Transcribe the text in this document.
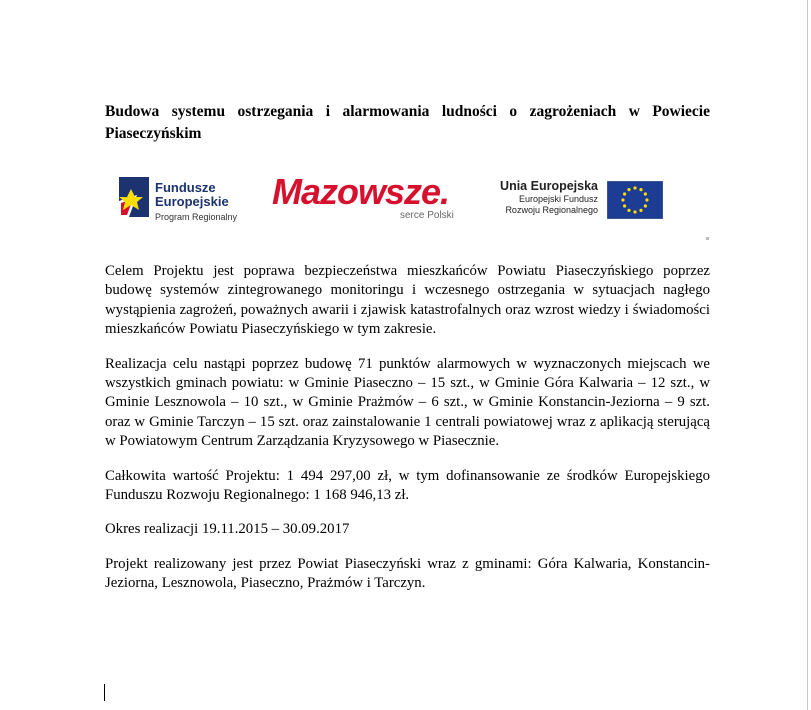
Budowa systemu ostrzegania i alarmowania ludności o zagrożeniach w Powiecie Piaseczyńskim
Fundusze
Europejskie
Program Regionalny
Mazowsze.
serce Polski
Unia Europejska
Europejski Fundusz
Rozwoju Regionalnego

Celem Projektu jest poprawa bezpieczeństwa mieszkańców Powiatu Piaseczyńskiego poprzez budowę systemów zintegrowanego monitoringu i wczesnego ostrzegania w sytuacjach nagłego wystąpienia zagrożeń, poważnych awarii i zjawisk katastrofalnych oraz wzrost wiedzy i świadomości mieszkańców Powiatu Piaseczyńskiego w tym zakresie.

Realizacja celu nastąpi poprzez budowę 71 punktów alarmowych w wyznaczonych miejscach we wszystkich gminach powiatu: w Gminie Piaseczno – 15 szt., w Gminie Góra Kalwaria – 12 szt., w Gminie Lesznowola – 10 szt., w Gminie Prażmów – 6 szt., w Gminie Konstancin-Jeziorna – 9 szt. oraz w Gminie Tarczyn – 15 szt. oraz zainstalowanie 1 centrali powiatowej wraz z aplikacją sterującą w Powiatowym Centrum Zarządzania Kryzysowego w Piasecznie.

Całkowita wartość Projektu: 1 494 297,00 zł, w tym dofinansowanie ze środków Europejskiego Funduszu Rozwoju Regionalnego: 1 168 946,13 zł.

Okres realizacji 19.11.2015 – 30.09.2017

Projekt realizowany jest przez Powiat Piaseczyński wraz z gminami: Góra Kalwaria, Konstancin-Jeziorna, Lesznowola, Piaseczno, Prażmów i Tarczyn.
